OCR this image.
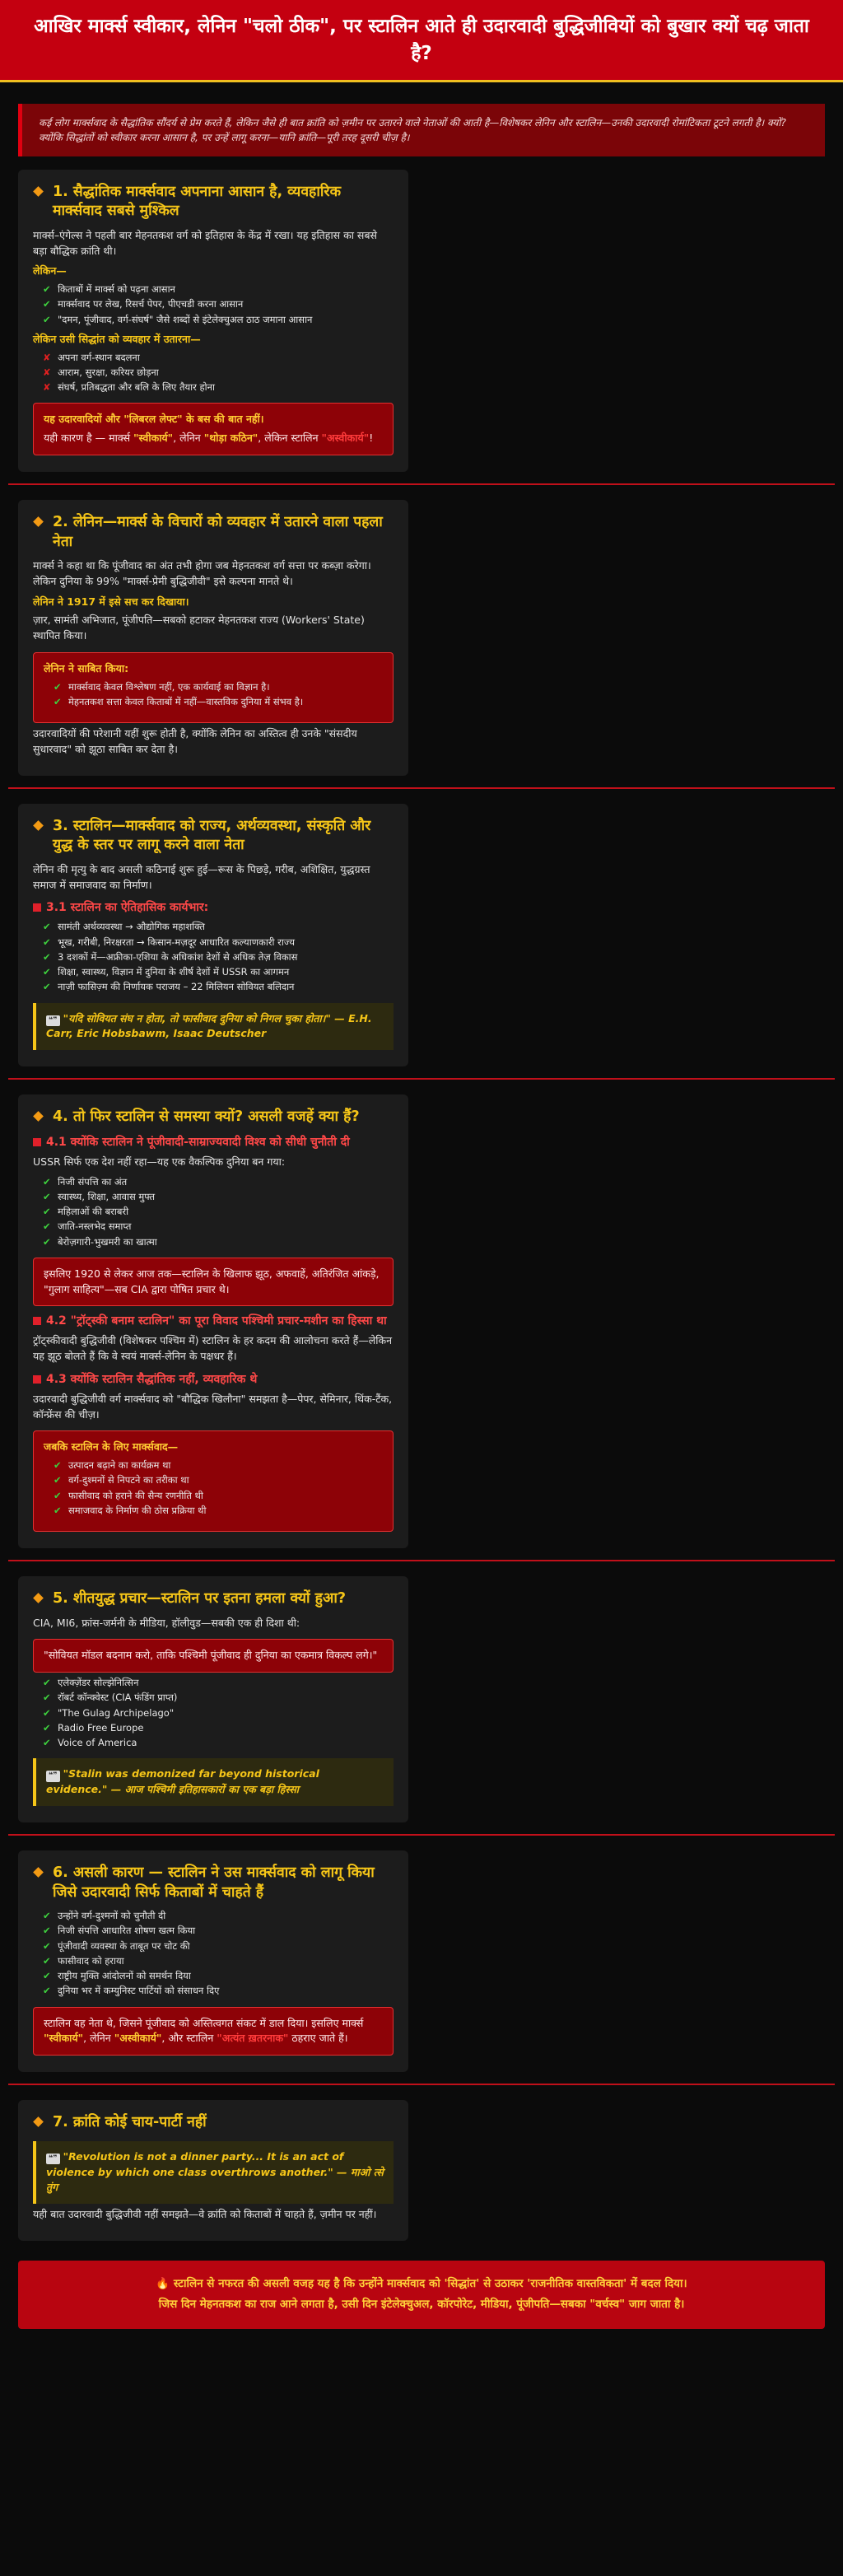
आखिर मार्क्स स्वीकार, लेनिन "चलो ठीक", पर स्टालिन आते ही उदारवादी बुद्धिजीवियों को बुखार क्यों चढ़ जाता है?
कई लोग मार्क्सवाद के सैद्धांतिक सौंदर्य से प्रेम करते हैं, लेकिन जैसे ही बात क्रांति को ज़मीन पर उतारने वाले नेताओं की आती है—विशेषकर लेनिन और स्टालिन—उनकी उदारवादी रोमांटिकता टूटने लगती है। क्यों? क्योंकि सिद्धांतों को स्वीकार करना आसान है, पर उन्हें लागू करना—यानि क्रांति—पूरी तरह दूसरी चीज़ है।
1. सैद्धांतिक मार्क्सवाद अपनाना आसान है, व्यवहारिक मार्क्सवाद सबसे मुश्किल

मार्क्स–एंगेल्स ने पहली बार मेहनतकश वर्ग को इतिहास के केंद्र में रखा। यह इतिहास का सबसे बड़ा बौद्धिक क्रांति थी।

लेकिन—
✔ किताबों में मार्क्स को पढ़ना आसान
✔ मार्क्सवाद पर लेख, रिसर्च पेपर, पीएचडी करना आसान
✔ "दमन, पूंजीवाद, वर्ग-संघर्ष" जैसे शब्दों से इंटेलेक्चुअल ठाठ जमाना आसान
लेकिन उसी सिद्धांत को व्यवहार में उतारना—
✘ अपना वर्ग-स्थान बदलना
✘ आराम, सुरक्षा, करियर छोड़ना
✘ संघर्ष, प्रतिबद्धता और बलि के लिए तैयार होना
यह उदारवादियों और "लिबरल लेफ्ट" के बस की बात नहीं।
यही कारण है — मार्क्स "स्वीकार्य", लेनिन "थोड़ा कठिन", लेकिन स्टालिन "अस्वीकार्य"!
2. लेनिन—मार्क्स के विचारों को व्यवहार में उतारने वाला पहला नेता

मार्क्स ने कहा था कि पूंजीवाद का अंत तभी होगा जब मेहनतकश वर्ग सत्ता पर कब्ज़ा करेगा। लेकिन दुनिया के 99% "मार्क्स-प्रेमी बुद्धिजीवी" इसे कल्पना मानते थे।

लेनिन ने 1917 में इसे सच कर दिखाया।

ज़ार, सामंती अभिजात, पूंजीपति—सबको हटाकर मेहनतकश राज्य (Workers' State) स्थापित किया।

लेनिन ने साबित किया:
✔ मार्क्सवाद केवल विश्लेषण नहीं, एक कार्यवाई का विज्ञान है।
✔ मेहनतकश सत्ता केवल किताबों में नहीं—वास्तविक दुनिया में संभव है।

उदारवादियों की परेशानी यहीं शुरू होती है, क्योंकि लेनिन का अस्तित्व ही उनके "संसदीय सुधारवाद" को झूठा साबित कर देता है।

3. स्टालिन—मार्क्सवाद को राज्य, अर्थव्यवस्था, संस्कृति और युद्ध के स्तर पर लागू करने वाला नेता

लेनिन की मृत्यु के बाद असली कठिनाई शुरू हुई—रूस के पिछड़े, गरीब, अशिक्षित, युद्धग्रस्त समाज में समाजवाद का निर्माण।

3.1 स्टालिन का ऐतिहासिक कार्यभार:
✔ सामंती अर्थव्यवस्था → औद्योगिक महाशक्ति
✔ भूख, गरीबी, निरक्षरता → किसान-मज़दूर आधारित कल्याणकारी राज्य
✔ 3 दशकों में—अफ्रीका-एशिया के अधिकांश देशों से अधिक तेज़ विकास
✔ शिक्षा, स्वास्थ्य, विज्ञान में दुनिया के शीर्ष देशों में USSR का आगमन
✔ नाज़ी फासिज़्म की निर्णायक पराजय – 22 मिलियन सोवियत बलिदान
❝❞ "यदि सोवियत संघ न होता, तो फासीवाद दुनिया को निगल चुका होता।" — E.H. Carr, Eric Hobsbawm, Isaac Deutscher
4. तो फिर स्टालिन से समस्या क्यों? असली वजहें क्या हैं?
4.1 क्योंकि स्टालिन ने पूंजीवादी-साम्राज्यवादी विश्व को सीधी चुनौती दी

USSR सिर्फ एक देश नहीं रहा—यह एक वैकल्पिक दुनिया बन गया:

✔ निजी संपत्ति का अंत
✔ स्वास्थ्य, शिक्षा, आवास मुफ्त
✔ महिलाओं की बराबरी
✔ जाति-नस्लभेद समाप्त
✔ बेरोज़गारी-भुखमरी का खात्मा
इसलिए 1920 से लेकर आज तक—स्टालिन के खिलाफ झूठ, अफवाहें, अतिरंजित आंकड़े, "गुलाग साहित्य"—सब CIA द्वारा पोषित प्रचार थे।
4.2 "ट्रॉट्स्की बनाम स्टालिन" का पूरा विवाद पश्चिमी प्रचार-मशीन का हिस्सा था

ट्रॉट्स्कीवादी बुद्धिजीवी (विशेषकर पश्चिम में) स्टालिन के हर कदम की आलोचना करते हैं—लेकिन यह झूठ बोलते हैं कि वे स्वयं मार्क्स-लेनिन के पक्षधर हैं।

4.3 क्योंकि स्टालिन सैद्धांतिक नहीं, व्यवहारिक थे

उदारवादी बुद्धिजीवी वर्ग मार्क्सवाद को "बौद्धिक खिलौना" समझता है—पेपर, सेमिनार, थिंक-टैंक, कॉन्फ्रेंस की चीज़।

जबकि स्टालिन के लिए मार्क्सवाद—
✔ उत्पादन बढ़ाने का कार्यक्रम था
✔ वर्ग-दुश्मनों से निपटने का तरीका था
✔ फासीवाद को हराने की सैन्य रणनीति थी
✔ समाजवाद के निर्माण की ठोस प्रक्रिया थी
5. शीतयुद्ध प्रचार—स्टालिन पर इतना हमला क्यों हुआ?

CIA, MI6, फ्रांस-जर्मनी के मीडिया, हॉलीवुड—सबकी एक ही दिशा थी:

"सोवियत मॉडल बदनाम करो, ताकि पश्चिमी पूंजीवाद ही दुनिया का एकमात्र विकल्प लगे।"
✔ एलेक्ज़ेंडर सोल्झेनित्सिन
✔ रॉबर्ट कॉन्क्वेस्ट (CIA फंडिंग प्राप्त)
✔ "The Gulag Archipelago"
✔ Radio Free Europe
✔ Voice of America
❝❞ "Stalin was demonized far beyond historical evidence." — आज पश्चिमी इतिहासकारों का एक बड़ा हिस्सा
6. असली कारण — स्टालिन ने उस मार्क्सवाद को लागू किया जिसे उदारवादी सिर्फ किताबों में चाहते हैं
✔ उन्होंने वर्ग-दुश्मनों को चुनौती दी
✔ निजी संपत्ति आधारित शोषण खत्म किया
✔ पूंजीवादी व्यवस्था के ताबूत पर चोट की
✔ फासीवाद को हराया
✔ राष्ट्रीय मुक्ति आंदोलनों को समर्थन दिया
✔ दुनिया भर में कम्युनिस्ट पार्टियों को संसाधन दिए
स्टालिन वह नेता थे, जिसने पूंजीवाद को अस्तित्वगत संकट में डाल दिया। इसलिए मार्क्स "स्वीकार्य", लेनिन "अस्वीकार्य", और स्टालिन "अत्यंत ख़तरनाक" ठहराए जाते हैं।
7. क्रांति कोई चाय-पार्टी नहीं
❝❞ "Revolution is not a dinner party... It is an act of violence by which one class overthrows another." — माओ त्से तुंग

यही बात उदारवादी बुद्धिजीवी नहीं समझते—वे क्रांति को किताबों में चाहते हैं, ज़मीन पर नहीं।

🔥 स्टालिन से नफरत की असली वजह यह है कि उन्होंने मार्क्सवाद को 'सिद्धांत' से उठाकर 'राजनीतिक वास्तविकता' में बदल दिया।
जिस दिन मेहनतकश का राज आने लगता है, उसी दिन इंटेलेक्चुअल, कॉरपोरेट, मीडिया, पूंजीपति—सबका "वर्चस्व" जाग जाता है।
